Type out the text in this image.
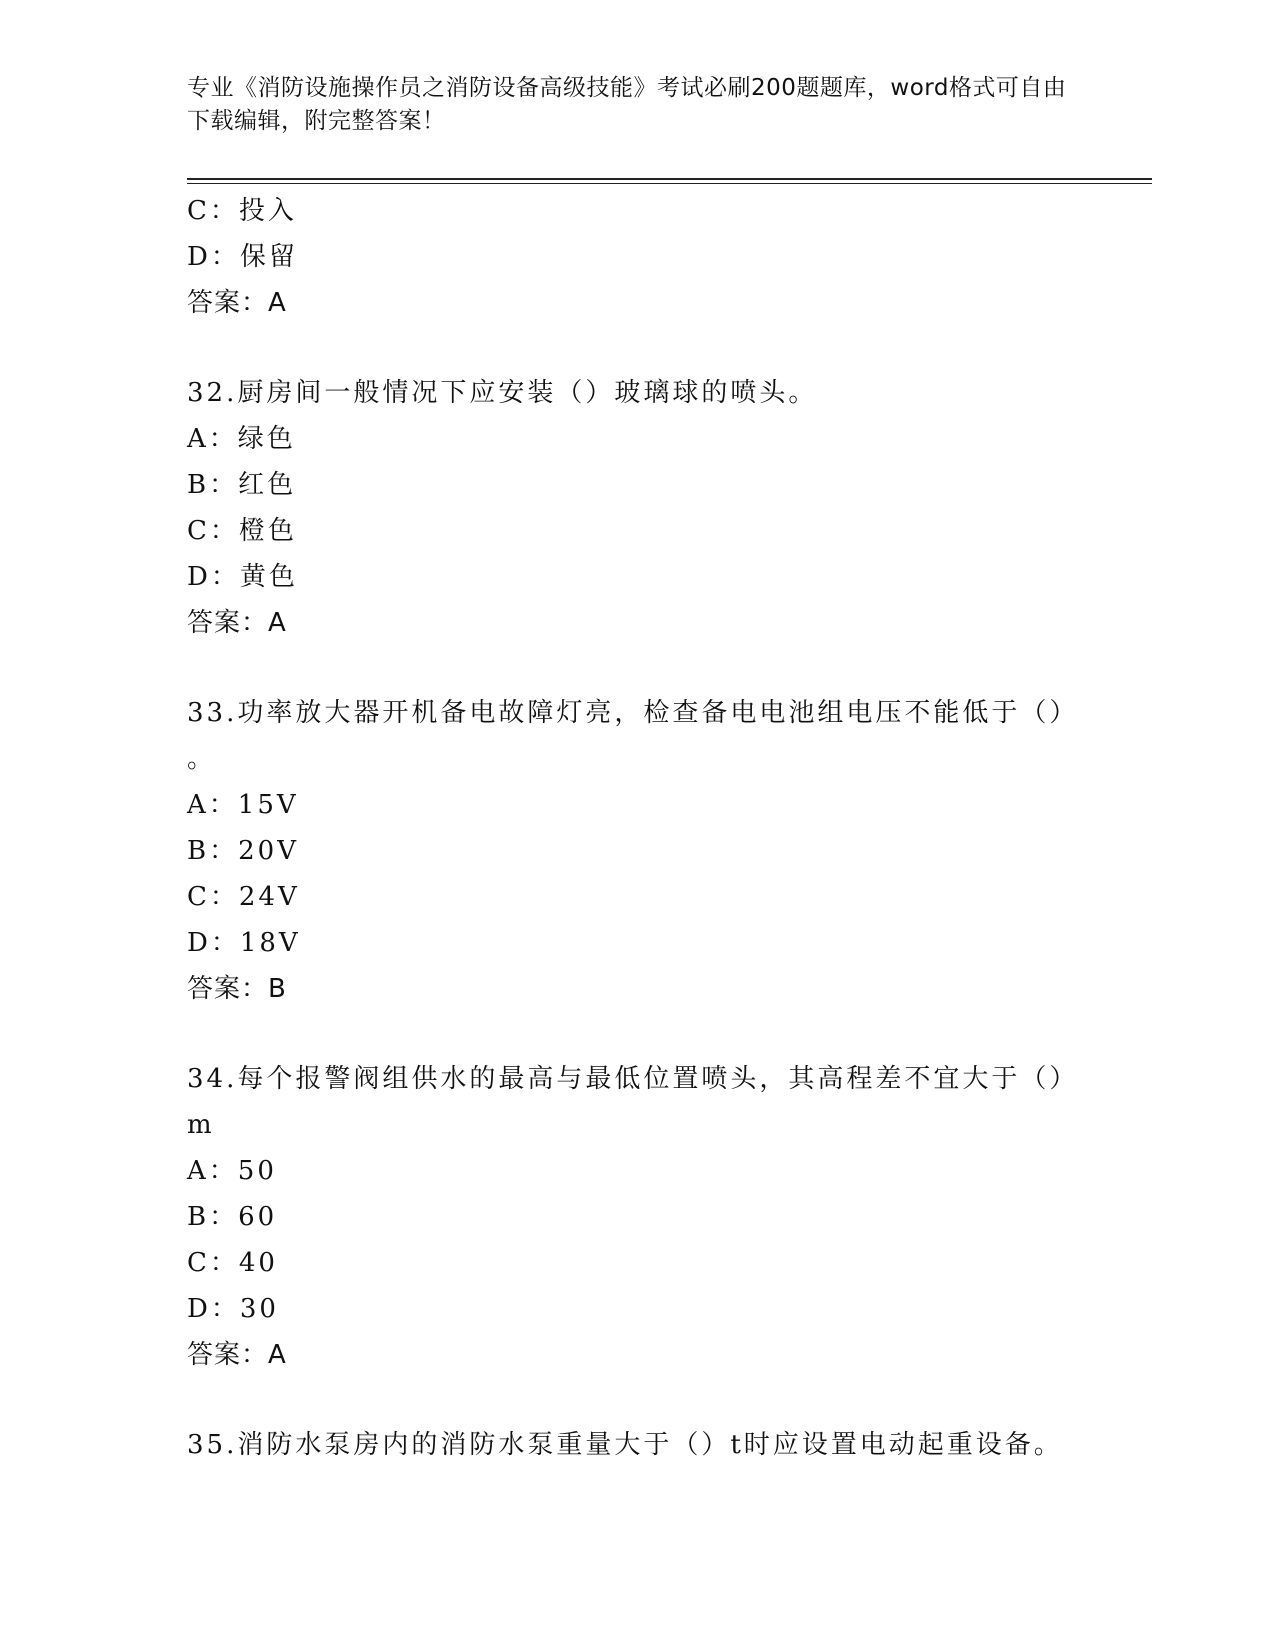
专业《消防设施操作员之消防设备高级技能》考试必刷200题题库，word格式可自由下载编辑，附完整答案！
C：投入
D：保留
答案：A
32.厨房间一般情况下应安装（）玻璃球的喷头。
A：绿色
B：红色
C：橙色
D：黄色
答案：A
33.功率放大器开机备电故障灯亮，检查备电电池组电压不能低于（）
。
A：15V
B：20V
C：24V
D：18V
答案：B
34.每个报警阀组供水的最高与最低位置喷头，其高程差不宜大于（）
m
A：50
B：60
C：40
D：30
答案：A
35.消防水泵房内的消防水泵重量大于（）t时应设置电动起重设备。
